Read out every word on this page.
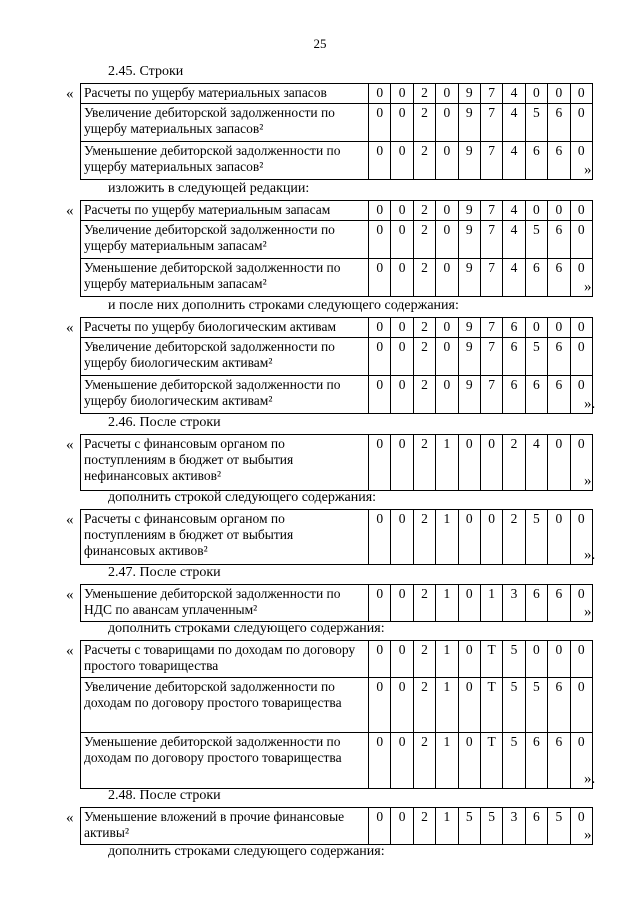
25
2.45. Строки
« Расчеты по ущербу материальных запасов	0	0	2	0	9	7	4	0	0	0
Увеличение дебиторской задолженности по ущербу материальных запасов²	0	0	2	0	9	7	4	5	6	0
Уменьшение дебиторской задолженности по ущербу материальных запасов²	0	0	2	0	9	7	4	6	6	0
»
изложить в следующей редакции:
« Расчеты по ущербу материальным запасам	0	0	2	0	9	7	4	0	0	0
Увеличение дебиторской задолженности по ущербу материальным запасам²	0	0	2	0	9	7	4	5	6	0
Уменьшение дебиторской задолженности по ущербу материальным запасам²	0	0	2	0	9	7	4	6	6	0
»
и после них дополнить строками следующего содержания:
« Расчеты по ущербу биологическим активам	0	0	2	0	9	7	6	0	0	0
Увеличение дебиторской задолженности по ущербу биологическим активам²	0	0	2	0	9	7	6	5	6	0
Уменьшение дебиторской задолженности по ущербу биологическим активам²	0	0	2	0	9	7	6	6	6	0
».
2.46. После строки
« Расчеты с финансовым органом по поступлениям в бюджет от выбытия нефинансовых активов²	0	0	2	1	0	0	2	4	0	0
»
дополнить строкой следующего содержания:
« Расчеты с финансовым органом по поступлениям в бюджет от выбытия финансовых активов²	0	0	2	1	0	0	2	5	0	0
».
2.47. После строки
« Уменьшение дебиторской задолженности по НДС по авансам уплаченным²	0	0	2	1	0	1	3	6	6	0
»
дополнить строками следующего содержания:
« Расчеты с товарищами по доходам по договору простого товарищества	0	0	2	1	0	Т	5	0	0	0
Увеличение дебиторской задолженности по доходам по договору простого товарищества	0	0	2	1	0	Т	5	5	6	0
Уменьшение дебиторской задолженности по доходам по договору простого товарищества	0	0	2	1	0	Т	5	6	6	0
».
2.48. После строки
« Уменьшение вложений в прочие финансовые активы²	0	0	2	1	5	5	3	6	5	0
»
дополнить строками следующего содержания:
